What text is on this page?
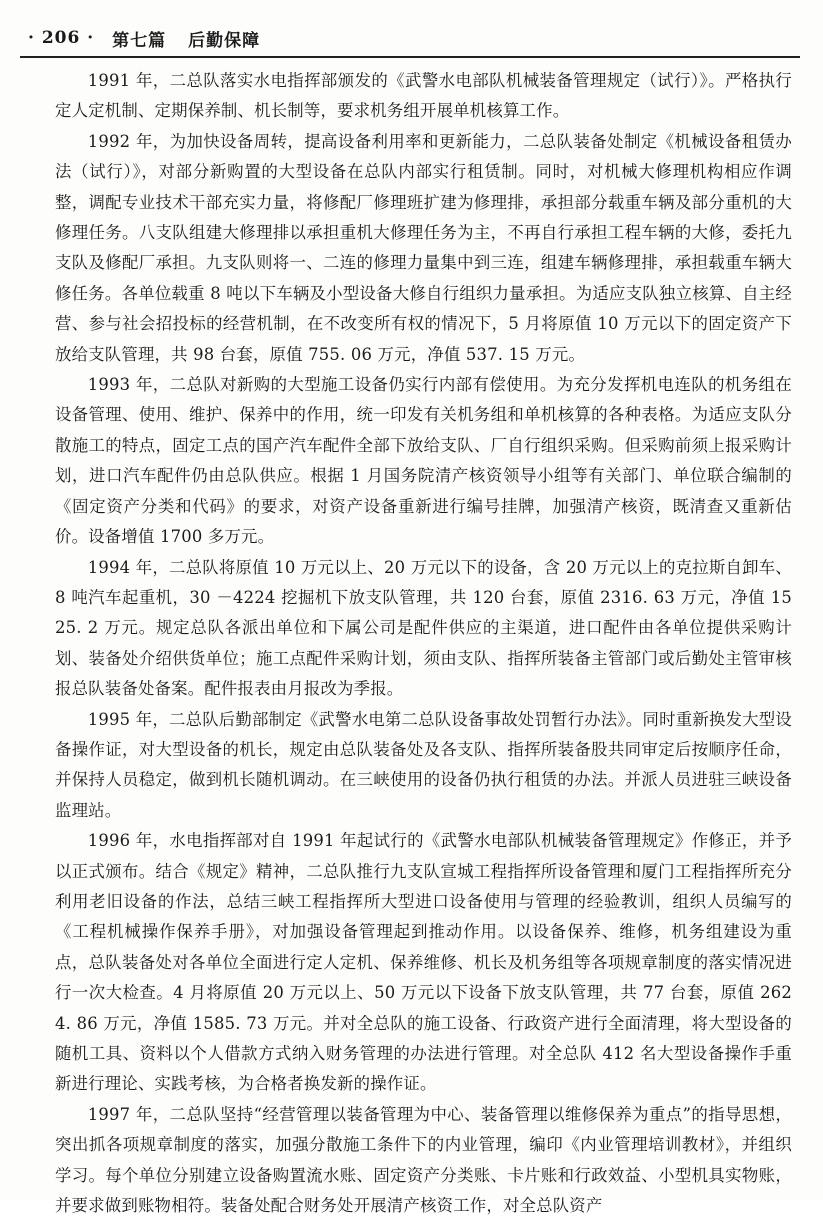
· 206 · 第七篇 后勤保障

1991 年，二总队落实水电指挥部颁发的《武警水电部队机械装备管理规定（试行）》。严格执行定人定机制、定期保养制、机长制等，要求机务组开展单机核算工作。

1992 年，为加快设备周转，提高设备利用率和更新能力，二总队装备处制定《机械设备租赁办法（试行）》，对部分新购置的大型设备在总队内部实行租赁制。同时，对机械大修理机构相应作调整，调配专业技术干部充实力量，将修配厂修理班扩建为修理排，承担部分载重车辆及部分重机的大修理任务。八支队组建大修理排以承担重机大修理任务为主，不再自行承担工程车辆的大修，委托九支队及修配厂承担。九支队则将一、二连的修理力量集中到三连，组建车辆修理排，承担载重车辆大修任务。各单位载重 8 吨以下车辆及小型设备大修自行组织力量承担。为适应支队独立核算、自主经营、参与社会招投标的经营机制，在不改变所有权的情况下，5 月将原值 10 万元以下的固定资产下放给支队管理，共 98 台套，原值 755. 06 万元，净值 537. 15 万元。

1993 年，二总队对新购的大型施工设备仍实行内部有偿使用。为充分发挥机电连队的机务组在设备管理、使用、维护、保养中的作用，统一印发有关机务组和单机核算的各种表格。为适应支队分散施工的特点，固定工点的国产汽车配件全部下放给支队、厂自行组织采购。但采购前须上报采购计划，进口汽车配件仍由总队供应。根据 1 月国务院清产核资领导小组等有关部门、单位联合编制的《固定资产分类和代码》的要求，对资产设备重新进行编号挂牌，加强清产核资，既清查又重新估价。设备增值 1700 多万元。

1994 年，二总队将原值 10 万元以上、20 万元以下的设备，含 20 万元以上的克拉斯自卸车、8 吨汽车起重机，30 －4224 挖掘机下放支队管理，共 120 台套，原值 2316. 63 万元，净值 1525. 2 万元。规定总队各派出单位和下属公司是配件供应的主渠道，进口配件由各单位提供采购计划、装备处介绍供货单位；施工点配件采购计划，须由支队、指挥所装备主管部门或后勤处主管审核报总队装备处备案。配件报表由月报改为季报。

1995 年，二总队后勤部制定《武警水电第二总队设备事故处罚暂行办法》。同时重新换发大型设备操作证，对大型设备的机长，规定由总队装备处及各支队、指挥所装备股共同审定后按顺序任命，并保持人员稳定，做到机长随机调动。在三峡使用的设备仍执行租赁的办法。并派人员进驻三峡设备监理站。

1996 年，水电指挥部对自 1991 年起试行的《武警水电部队机械装备管理规定》作修正，并予以正式颁布。结合《规定》精神，二总队推行九支队宣城工程指挥所设备管理和厦门工程指挥所充分利用老旧设备的作法，总结三峡工程指挥所大型进口设备使用与管理的经验教训，组织人员编写的《工程机械操作保养手册》，对加强设备管理起到推动作用。以设备保养、维修，机务组建设为重点，总队装备处对各单位全面进行定人定机、保养维修、机长及机务组等各项规章制度的落实情况进行一次大检查。4 月将原值 20 万元以上、50 万元以下设备下放支队管理，共 77 台套，原值 2624. 86 万元，净值 1585. 73 万元。并对全总队的施工设备、行政资产进行全面清理，将大型设备的随机工具、资料以个人借款方式纳入财务管理的办法进行管理。对全总队 412 名大型设备操作手重新进行理论、实践考核，为合格者换发新的操作证。

1997 年，二总队坚持“经营管理以装备管理为中心、装备管理以维修保养为重点”的指导思想，突出抓各项规章制度的落实，加强分散施工条件下的内业管理，编印《内业管理培训教材》，并组织学习。每个单位分别建立设备购置流水账、固定资产分类账、卡片账和行政效益、小型机具实物账，并要求做到账物相符。装备处配合财务处开展清产核资工作，对全总队资产
